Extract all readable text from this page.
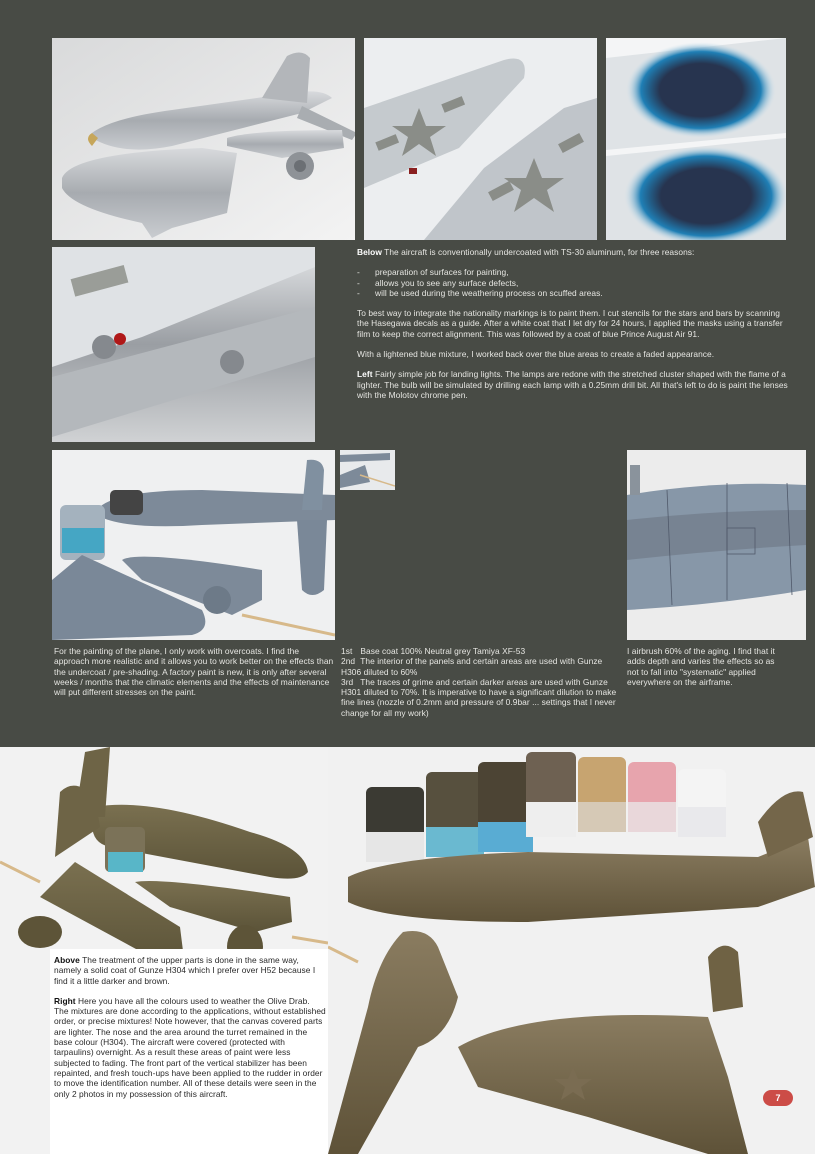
Below The aircraft is conventionally undercoated with TS-30 aluminum, for three reasons:

- preparation of surfaces for painting,
- allows you to see any surface defects,
- will be used during the weathering process on scuffed areas.

To best way to integrate the nationality markings is to paint them. I cut stencils for the stars and bars by scanning the Hasegawa decals as a guide. After a white coat that I let dry for 24 hours, I applied the masks using a transfer film to keep the correct alignment. This was followed by a coat of blue Prince August Air 91.

With a lightened blue mixture, I worked back over the blue areas to create a faded appearance.

Left Fairly simple job for landing lights. The lamps are redone with the stretched cluster shaped with the flame of a lighter. The bulb will be simulated by drilling each lamp with a 0.25mm drill bit. All that's left to do is paint the lenses with the Molotov chrome pen.

For the painting of the plane, I only work with overcoats. I find the approach more realistic and it allows you to work better on the effects than the undercoat / pre-shading. A factory paint is new, it is only after several weeks / months that the climatic elements and the effects of maintenance will put different stresses on the paint.
1st Base coat 100% Neutral grey Tamiya XF-53
2nd The interior of the panels and certain areas are used with Gunze H306 diluted to 60%
3rd The traces of grime and certain darker areas are used with Gunze H301 diluted to 70%. It is imperative to have a significant dilution to make fine lines (nozzle of 0.2mm and pressure of 0.9bar ... settings that I never change for all my work)
I airbrush 60% of the aging. I find that it adds depth and varies the effects so as not to fall into "systematic" applied everywhere on the airframe.

Above The treatment of the upper parts is done in the same way, namely a solid coat of Gunze H304 which I prefer over H52 because I find it a little darker and brown.

Right Here you have all the colours used to weather the Olive Drab. The mixtures are done according to the applications, without established order, or precise mixtures! Note however, that the canvas covered parts are lighter. The nose and the area around the turret remained in the base colour (H304). The aircraft were covered (protected with tarpaulins) overnight. As a result these areas of paint were less subjected to fading. The front part of the vertical stabilizer has been repainted, and fresh touch-ups have been applied to the rudder in order to move the identification number. All of these details were seen in the only 2 photos in my possession of this aircraft.	7
